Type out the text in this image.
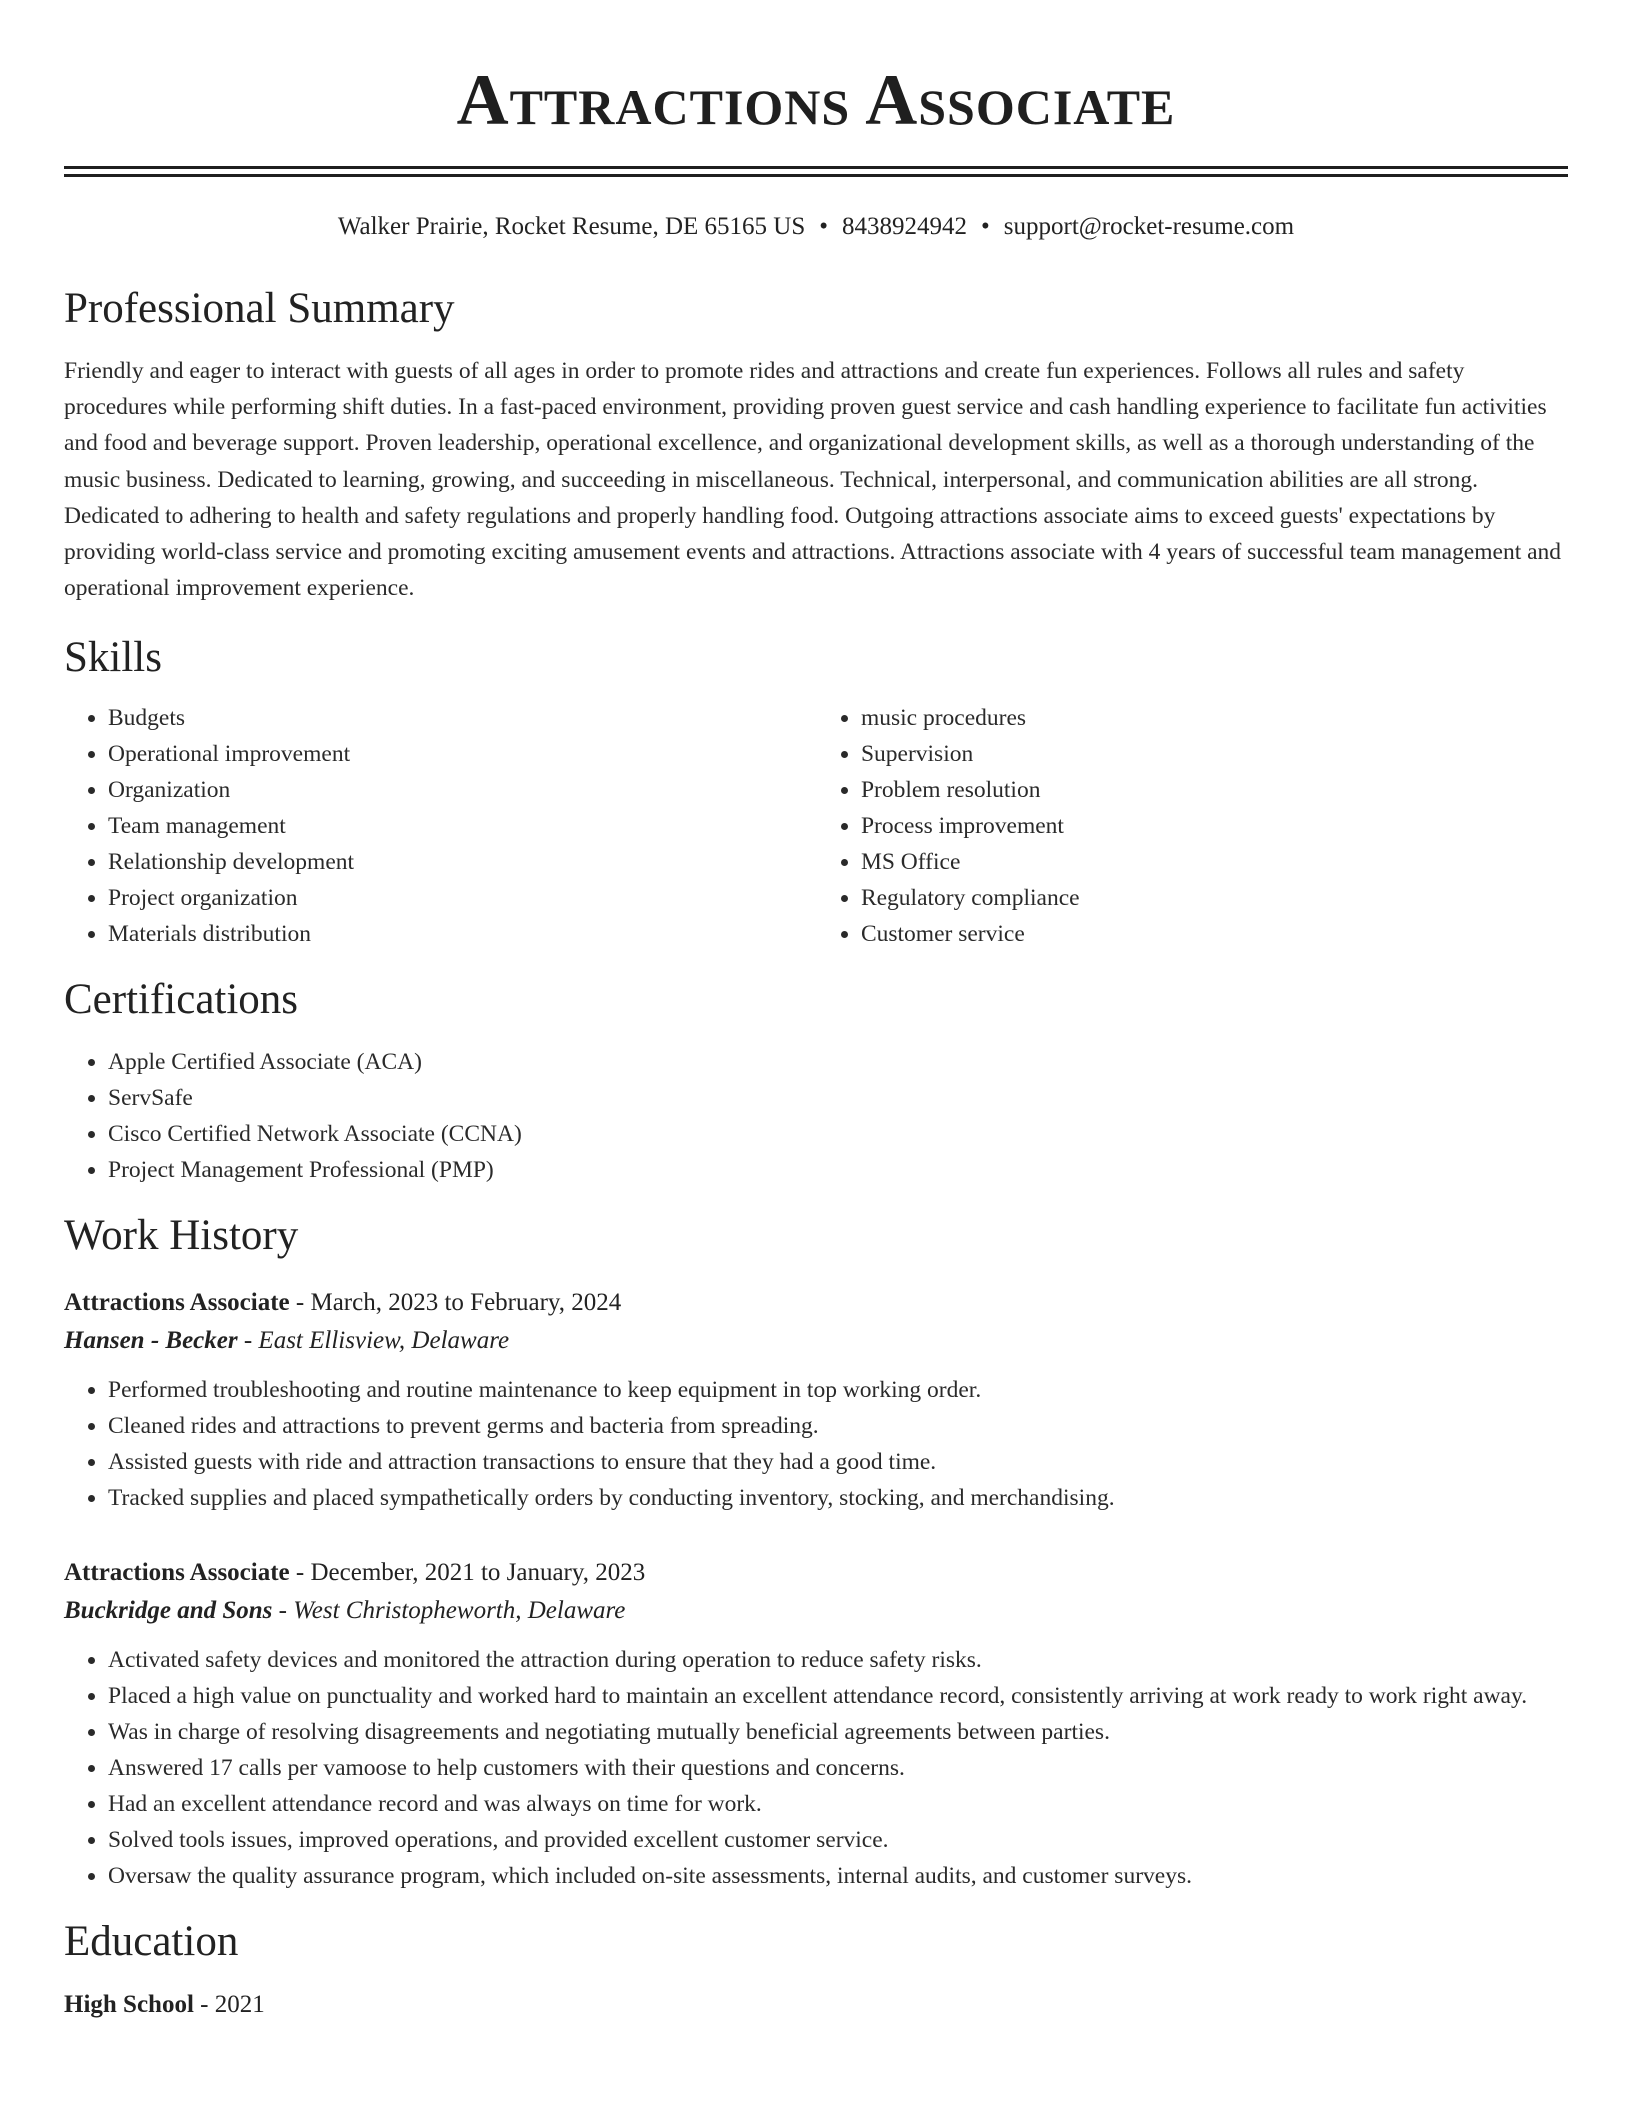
Attractions Associate
Walker Prairie, Rocket Resume, DE 65165 US • 8438924942 • support@rocket-resume.com
Professional Summary

Friendly and eager to interact with guests of all ages in order to promote rides and attractions and create fun experiences. Follows all rules and safety procedures while performing shift duties. In a fast-paced environment, providing proven guest service and cash handling experience to facilitate fun activities and food and beverage support. Proven leadership, operational excellence, and organizational development skills, as well as a thorough understanding of the music business. Dedicated to learning, growing, and succeeding in miscellaneous. Technical, interpersonal, and communication abilities are all strong. Dedicated to adhering to health and safety regulations and properly handling food. Outgoing attractions associate aims to exceed guests' expectations by providing world-class service and promoting exciting amusement events and attractions. Attractions associate with 4 years of successful team management and operational improvement experience.

Skills
• Budgets
• Operational improvement
• Organization
• Team management
• Relationship development
• Project organization
• Materials distribution
• music procedures
• Supervision
• Problem resolution
• Process improvement
• MS Office
• Regulatory compliance
• Customer service
Certifications
• Apple Certified Associate (ACA)
• ServSafe
• Cisco Certified Network Associate (CCNA)
• Project Management Professional (PMP)
Work History
Attractions Associate - March, 2023 to February, 2024
Hansen - Becker - East Ellisview, Delaware
• Performed troubleshooting and routine maintenance to keep equipment in top working order.
• Cleaned rides and attractions to prevent germs and bacteria from spreading.
• Assisted guests with ride and attraction transactions to ensure that they had a good time.
• Tracked supplies and placed sympathetically orders by conducting inventory, stocking, and merchandising.
Attractions Associate - December, 2021 to January, 2023
Buckridge and Sons - West Christopheworth, Delaware
• Activated safety devices and monitored the attraction during operation to reduce safety risks.
• Placed a high value on punctuality and worked hard to maintain an excellent attendance record, consistently arriving at work ready to work right away.
• Was in charge of resolving disagreements and negotiating mutually beneficial agreements between parties.
• Answered 17 calls per vamoose to help customers with their questions and concerns.
• Had an excellent attendance record and was always on time for work.
• Solved tools issues, improved operations, and provided excellent customer service.
• Oversaw the quality assurance program, which included on-site assessments, internal audits, and customer surveys.
Education
High School - 2021
